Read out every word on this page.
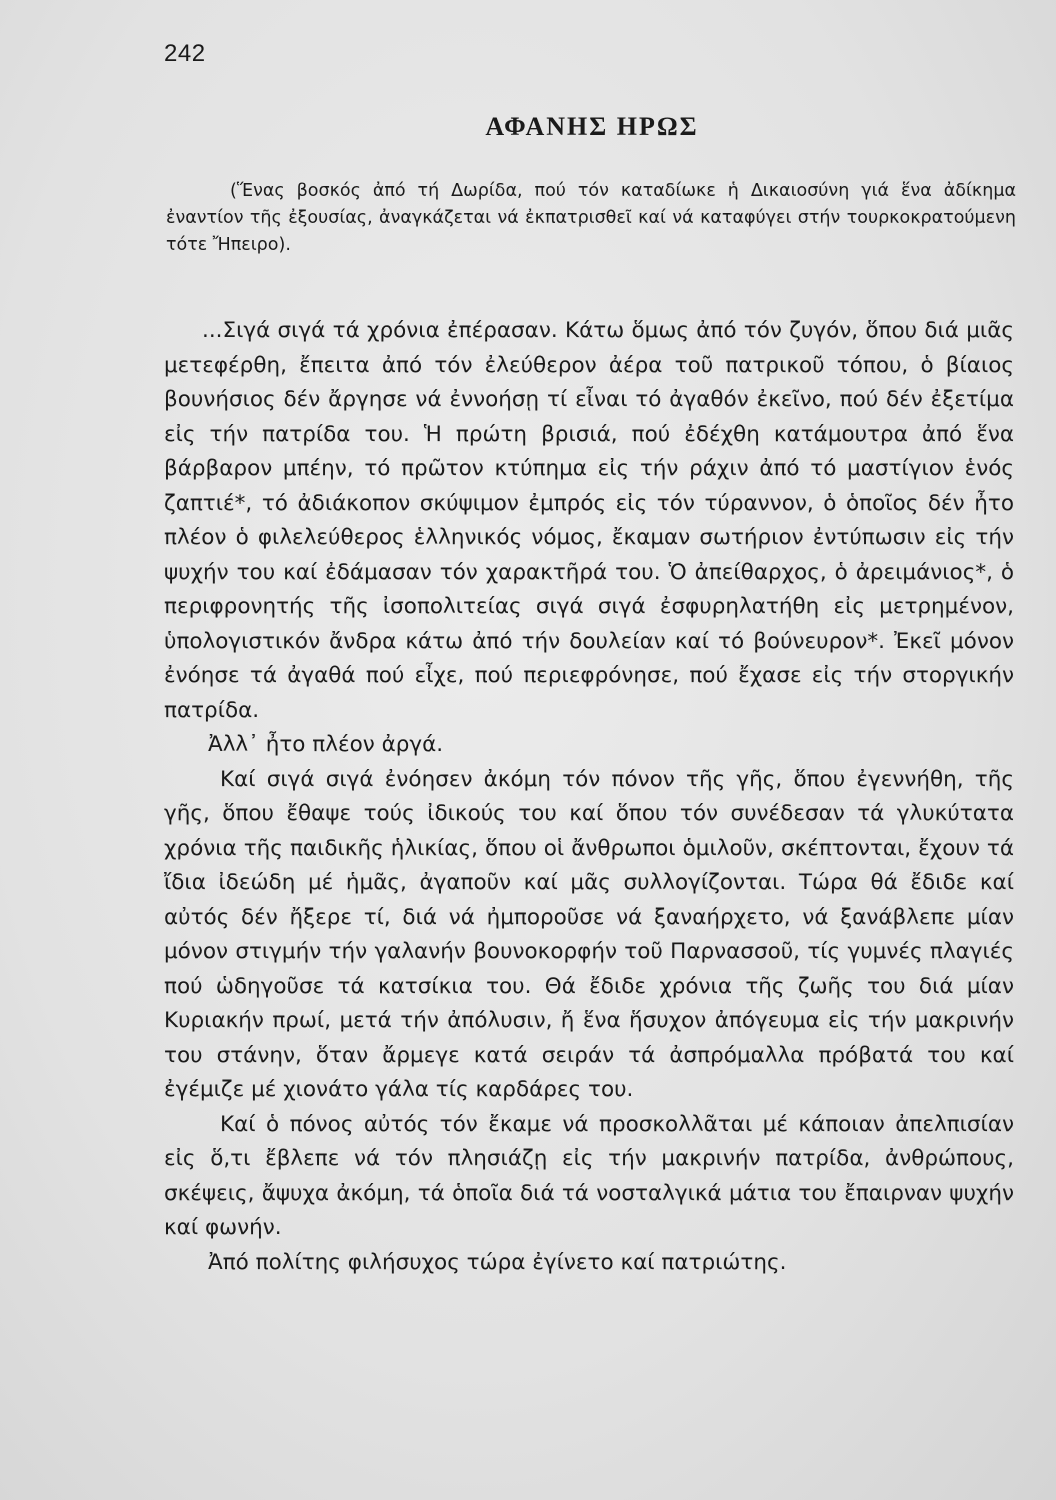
242
ΑΦΑΝΗΣ ΗΡΩΣ

(Ἕνας βοσκός ἀπό τή Δωρίδα, πού τόν καταδίωκε ἡ Δικαιοσύνη γιά ἕνα ἀδίκημα ἐναντίον τῆς ἐξουσίας, ἀναγκάζεται νά ἐκπατρισθεῖ καί νά καταφύγει στήν τουρκοκρατούμενη τότε Ἤπειρο).

...Σιγά σιγά τά χρόνια ἐπέρασαν. Κάτω ὅμως ἀπό τόν ζυγόν, ὅπου διά μιᾶς μετεφέρθη, ἔπειτα ἀπό τόν ἐλεύθερον ἀέρα τοῦ πατρικοῦ τόπου, ὁ βίαιος βουνήσιος δέν ἄργησε νά ἐννοήσῃ τί εἶναι τό ἀγαθόν ἐκεῖνο, πού δέν ἐξετίμα εἰς τήν πατρίδα του. Ἡ πρώτη βρισιά, πού ἐδέχθη κατάμουτρα ἀπό ἕνα βάρβαρον μπέην, τό πρῶτον κτύπημα εἰς τήν ράχιν ἀπό τό μαστίγιον ἑνός ζαπτιέ*, τό ἀδιάκοπον σκύψιμον ἐμπρός εἰς τόν τύραννον, ὁ ὁποῖος δέν ἦτο πλέον ὁ φιλελεύθερος ἑλληνικός νόμος, ἔκαμαν σωτήριον ἐντύπωσιν εἰς τήν ψυχήν του καί ἐδάμασαν τόν χαρακτῆρά του. Ὁ ἀπείθαρχος, ὁ ἀρειμάνιος*, ὁ περιφρονητής τῆς ἰσοπολιτείας σιγά σιγά ἐσφυρηλατήθη εἰς μετρημένον, ὑπολογιστικόν ἄνδρα κάτω ἀπό τήν δουλείαν καί τό βούνευρον*. Ἐκεῖ μόνον ἐνόησε τά ἀγαθά πού εἶχε, πού περιεφρόνησε, πού ἔχασε εἰς τήν στοργικήν πατρίδα.

Ἀλλ᾽ ἦτο πλέον ἀργά.

Καί σιγά σιγά ἐνόησεν ἀκόμη τόν πόνον τῆς γῆς, ὅπου ἐγεννήθη, τῆς γῆς, ὅπου ἔθαψε τούς ἰδικούς του καί ὅπου τόν συνέδεσαν τά γλυκύτατα χρόνια τῆς παιδικῆς ἡλικίας, ὅπου οἱ ἄνθρωποι ὁμιλοῦν, σκέπτονται, ἔχουν τά ἴδια ἰδεώδη μέ ἡμᾶς, ἀγαποῦν καί μᾶς συλλογίζονται. Τώρα θά ἔδιδε καί αὐτός δέν ἤξερε τί, διά νά ἠμποροῦσε νά ξαναήρχετο, νά ξανάβλεπε μίαν μόνον στιγμήν τήν γαλανήν βουνοκορφήν τοῦ Παρνασσοῦ, τίς γυμνές πλαγιές πού ὡδηγοῦσε τά κατσίκια του. Θά ἔδιδε χρόνια τῆς ζωῆς του διά μίαν Κυριακήν πρωί, μετά τήν ἀπόλυσιν, ἤ ἕνα ἥσυχον ἀπόγευμα εἰς τήν μακρινήν του στάνην, ὅταν ἄρμεγε κατά σειράν τά ἀσπρόμαλλα πρόβατά του καί ἐγέμιζε μέ χιονάτο γάλα τίς καρδάρες του.

Καί ὁ πόνος αὐτός τόν ἔκαμε νά προσκολλᾶται μέ κάποιαν ἀπελπισίαν εἰς ὅ,τι ἔβλεπε νά τόν πλησιάζῃ εἰς τήν μακρινήν πατρίδα, ἀνθρώπους, σκέψεις, ἄψυχα ἀκόμη, τά ὁποῖα διά τά νοσταλγικά μάτια του ἔπαιρναν ψυχήν καί φωνήν.

Ἀπό πολίτης φιλήσυχος τώρα ἐγίνετο καί πατριώτης.
